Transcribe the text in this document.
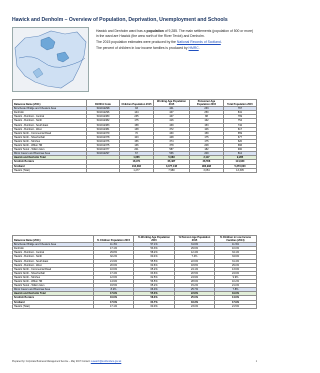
Hawick and Denholm – Overview of Population, Deprivation, Unemployment and Schools

Hawick and Denholm ward has a population of 9,285. The main settlements (population of 500 or more) in the ward are Hawick (the area north of the River Teviot) and Denholm.

The 2015 population estimates were produced by the National Records of Scotland.

The percent of children in low income families is produced by HMRC.

Datazone Name (2011)	DZ2011 Code	Children Population 2015	Working Age Population 2015	Pensioner Age Population 2015	Total Population 2015
Bonchester Bridge and Chesters Area	S01012298	93	441	233	767
Denholm	S01012296	144	447	250	841
Hawick - Burnfoot - Central	S01012380	235	447	88	769
Hawick - Burnfoot - North	S01012382	175	416	162	754
Hawick - Burnfoot - South East	S01012383	158	439	153	742
Hawick - Burnfoot - West	S01012381	138	372	106	617
Hawick North - Commercial Road	S01012379	70	430	159	659
Hawick North - Silverbuthall	S01012378	103	448	175	677
Hawick North - Stirches	S01012376	156	374	175	620
Hawick North - Wilton Hill	S01012375	136	378	208	666
Hawick Teviot - Wilton Glen	S01012377	201	587	182	900
Minto Cavers and Boonraw Area	S01012297	67	536	209	812
Hawick and Denholm Total		1,665	5,083	2,117	9,285
Scottish Borders		18,971	66,487	28,558	114,030
Scotland		912,382	3,477,148	983,998	5,373,000
Hawick (Total)		1,277	7,980	3,054	13,305
Datazone Name (2011)	% Children Population 2015	% Working Age Population 2015	% Pension Age Population 2015	% Children in Low Income Families (2014)
Bonchester Bridge and Chesters Area	11.3%	57.1%	31.6%	11.9%
Denholm	17.1%	53.3%	29.6%	10.0%
Hawick - Burnfoot - Central	29.8%	58.2%	12.4%	34.1%
Hawick - Burnfoot - North	32.2%	60.4%	7.4%	34.6%
Hawick - Burnfoot - South East	21.9%	55.5%	22.6%	31.4%
Hawick - Burnfoot - West	20.6%	60.6%	18.8%	29.0%
Hawick North - Commercial Road	10.6%	65.2%	24.1%	13.6%
Hawick North - Silverbuthall	17.4%	63.6%	20.5%	24.6%
Hawick North - Stirches	12.6%	62.5%	24.9%	9.9%
Hawick North - Wilton Hill	14.9%	56.5%	28.6%	10.2%
Hawick Teviot - Wilton Glen	19.5%	65.2%	15.2%	21.0%
Minto Cavers and Boonraw Area	8.2%	66.0%	25.7%	7.8%
Hawick and Denholm Total	17.9%	55.3%	22.8%	19.6%
Scottish Borders	16.6%	58.3%	25.0%	14.6%
Scotland	17.0%	64.7%	18.3%	17.9%
Hawick (Total)	17.1%	60.0%	23.0%	21.5%
Prepared by: Corporate Business Management Service – May 2017 Contact: research@scotborders.gov.uk	1
